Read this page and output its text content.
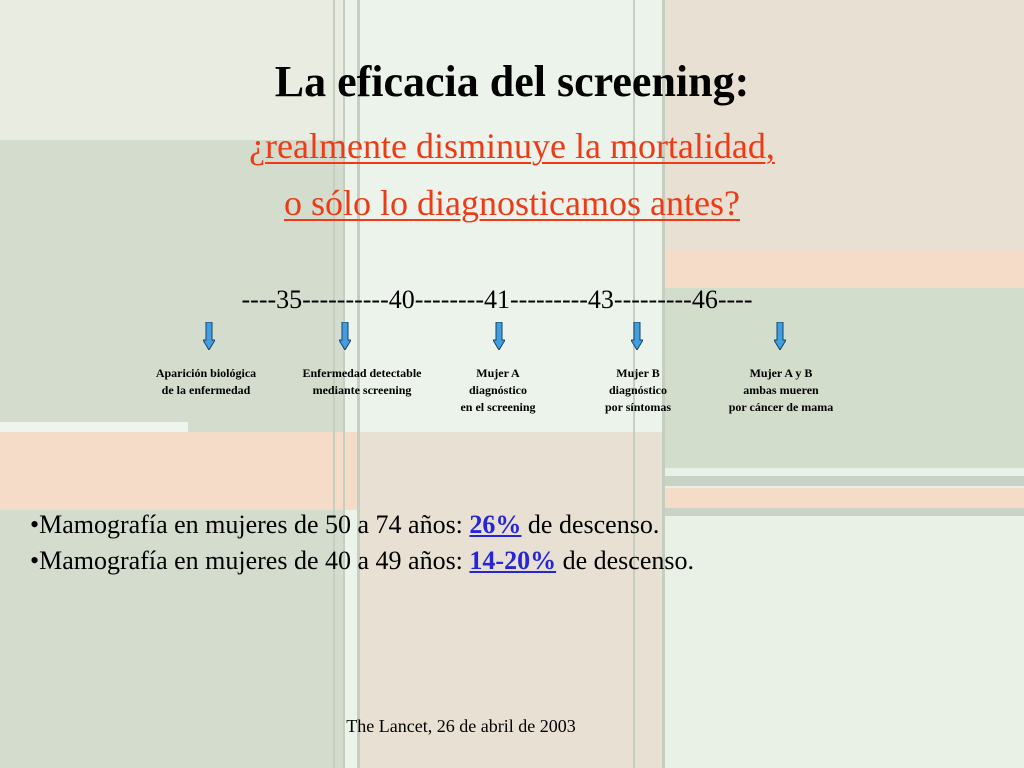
La eficacia del screening:
¿realmente disminuye la mortalidad,
o sólo lo diagnosticamos antes?
----35----------40--------41---------43---------46----
Aparición biológica
de la enfermedad
Enfermedad detectable
mediante screening
Mujer A
diagnóstico
en el screening
Mujer B
diagnóstico
por síntomas
Mujer A y B
ambas mueren
por cáncer de mama
•Mamografía en mujeres de 50 a 74 años: 26% de descenso.
•Mamografía en mujeres de 40 a 49 años: 14-20% de descenso.
The Lancet, 26 de abril de 2003
